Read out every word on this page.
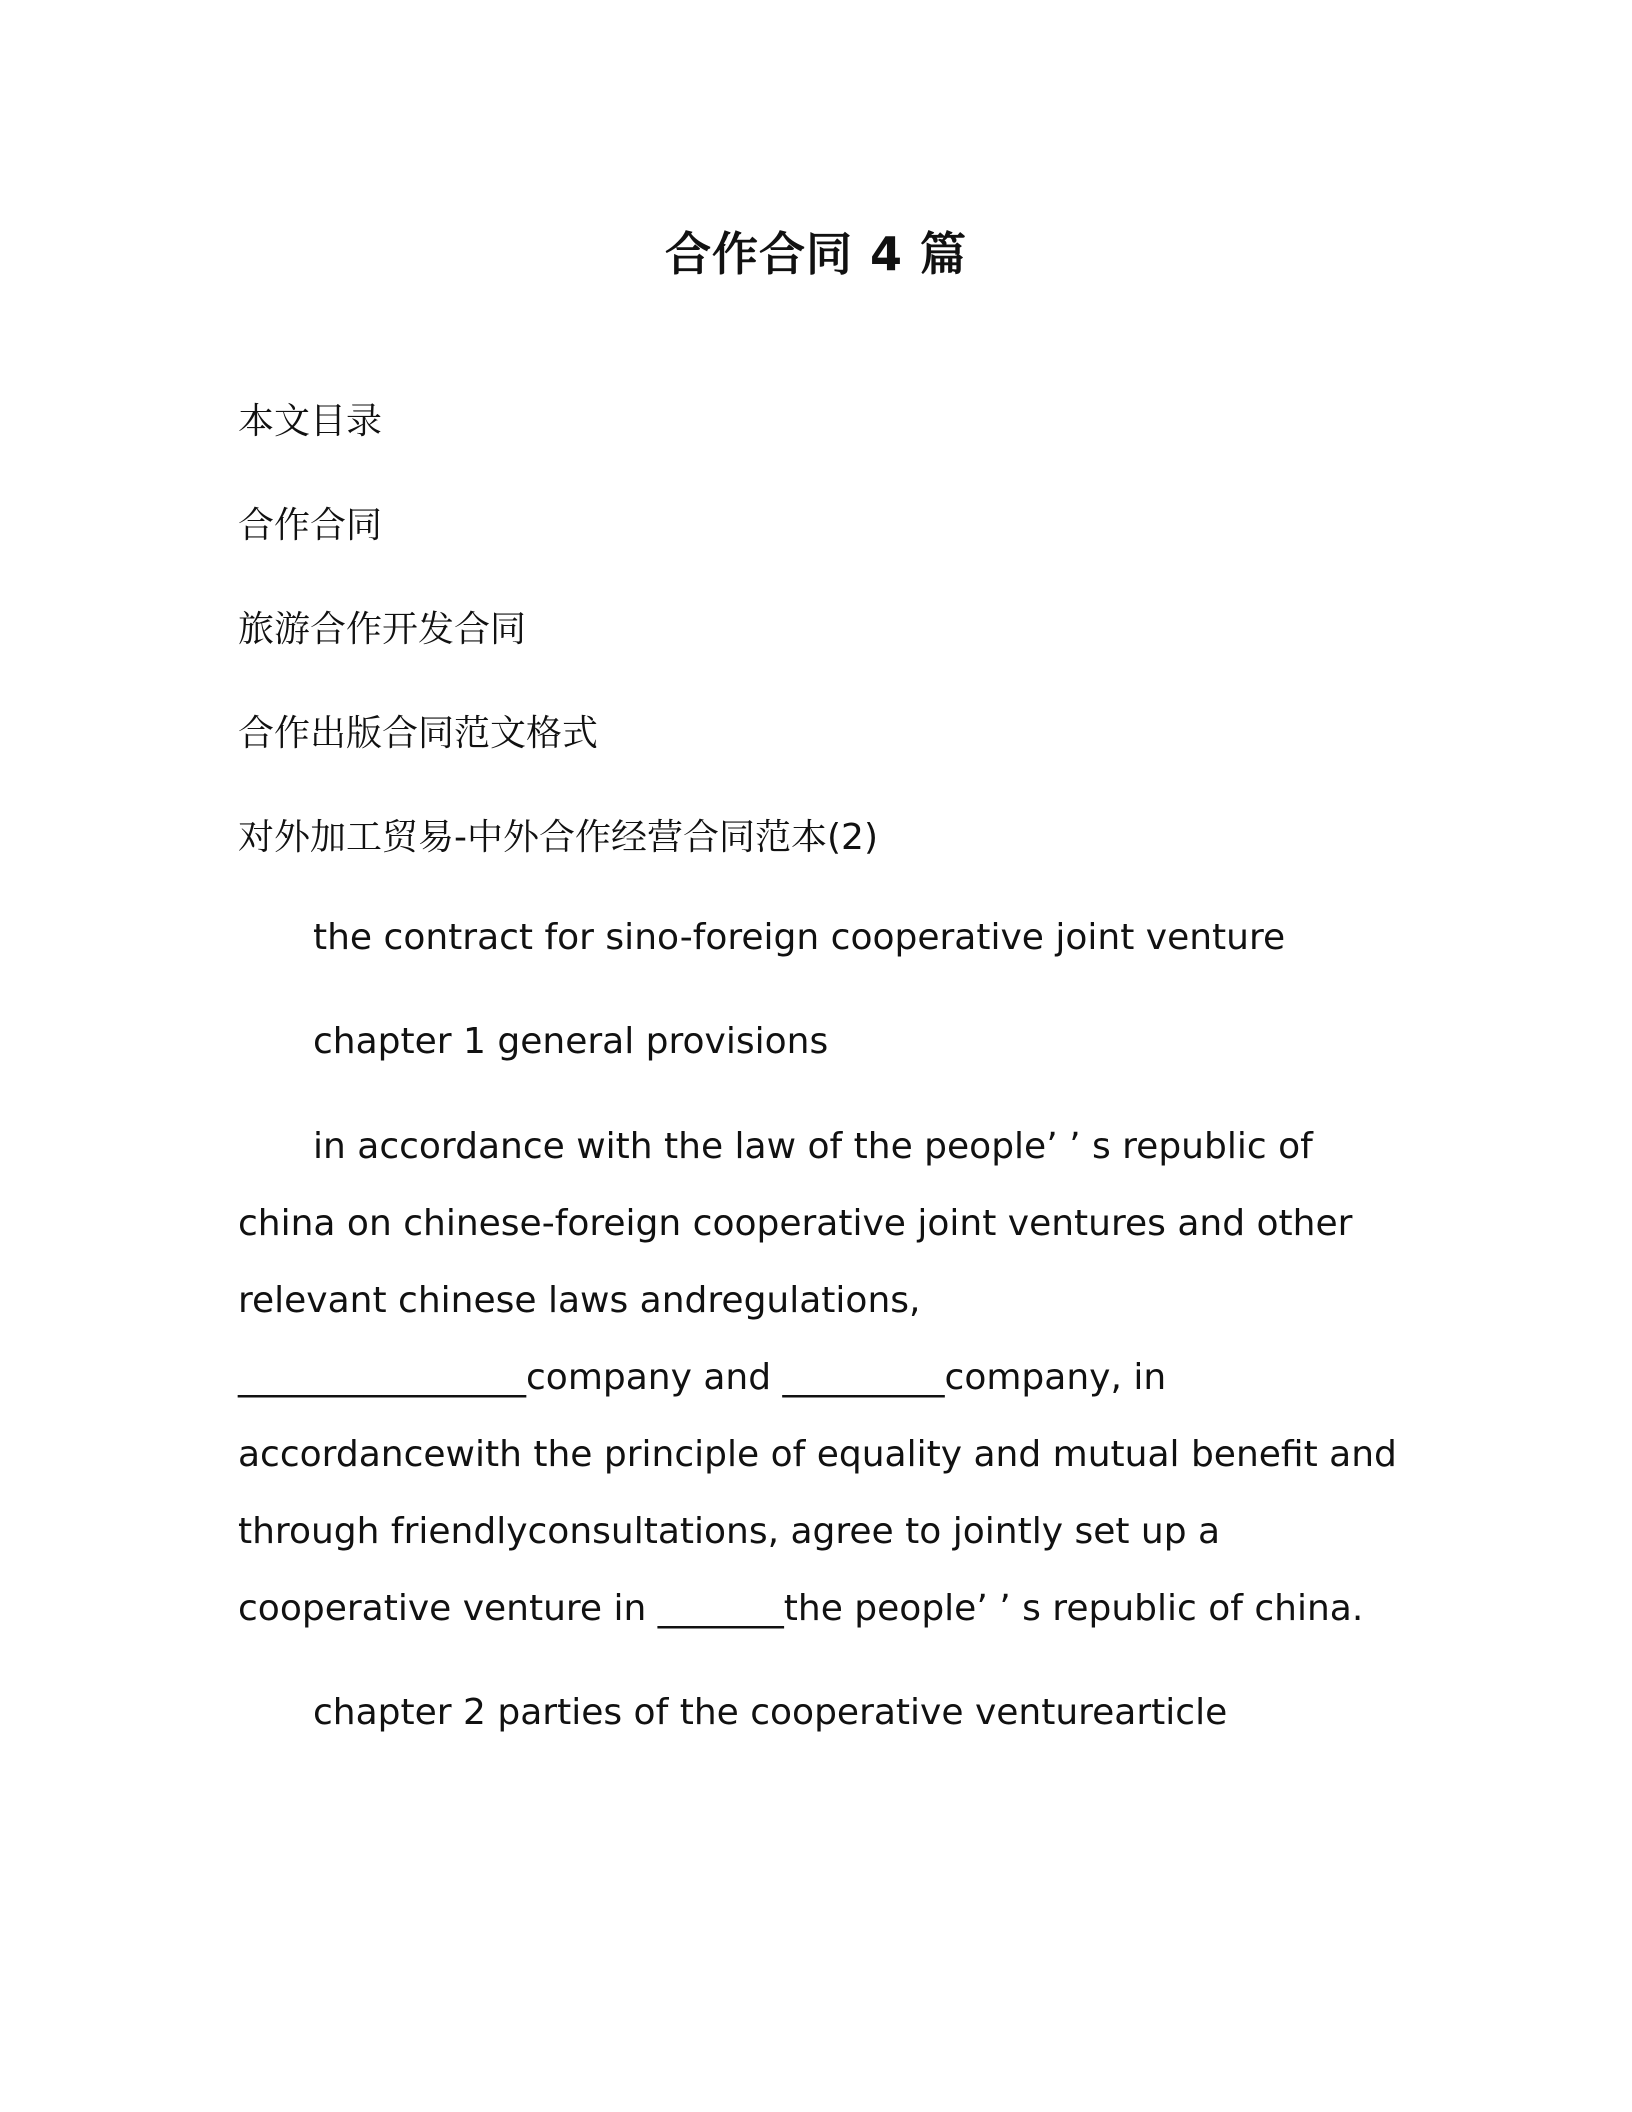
合作合同 4 篇
本文目录
合作合同
旅游合作开发合同
合作出版合同范文格式
对外加工贸易-中外合作经营合同范本(2)
the contract for sino-foreign cooperative joint venture
chapter 1 general provisions
in accordance with the law of the people’ ’ s republic of
china on chinese-foreign cooperative joint ventures and other
relevant chinese laws andregulations,
________________company and _________company, in
accordancewith the principle of equality and mutual benefit and
through friendlyconsultations, agree to jointly set up a
cooperative venture in _______the people’ ’ s republic of china.
chapter 2 parties of the cooperative venturearticle
